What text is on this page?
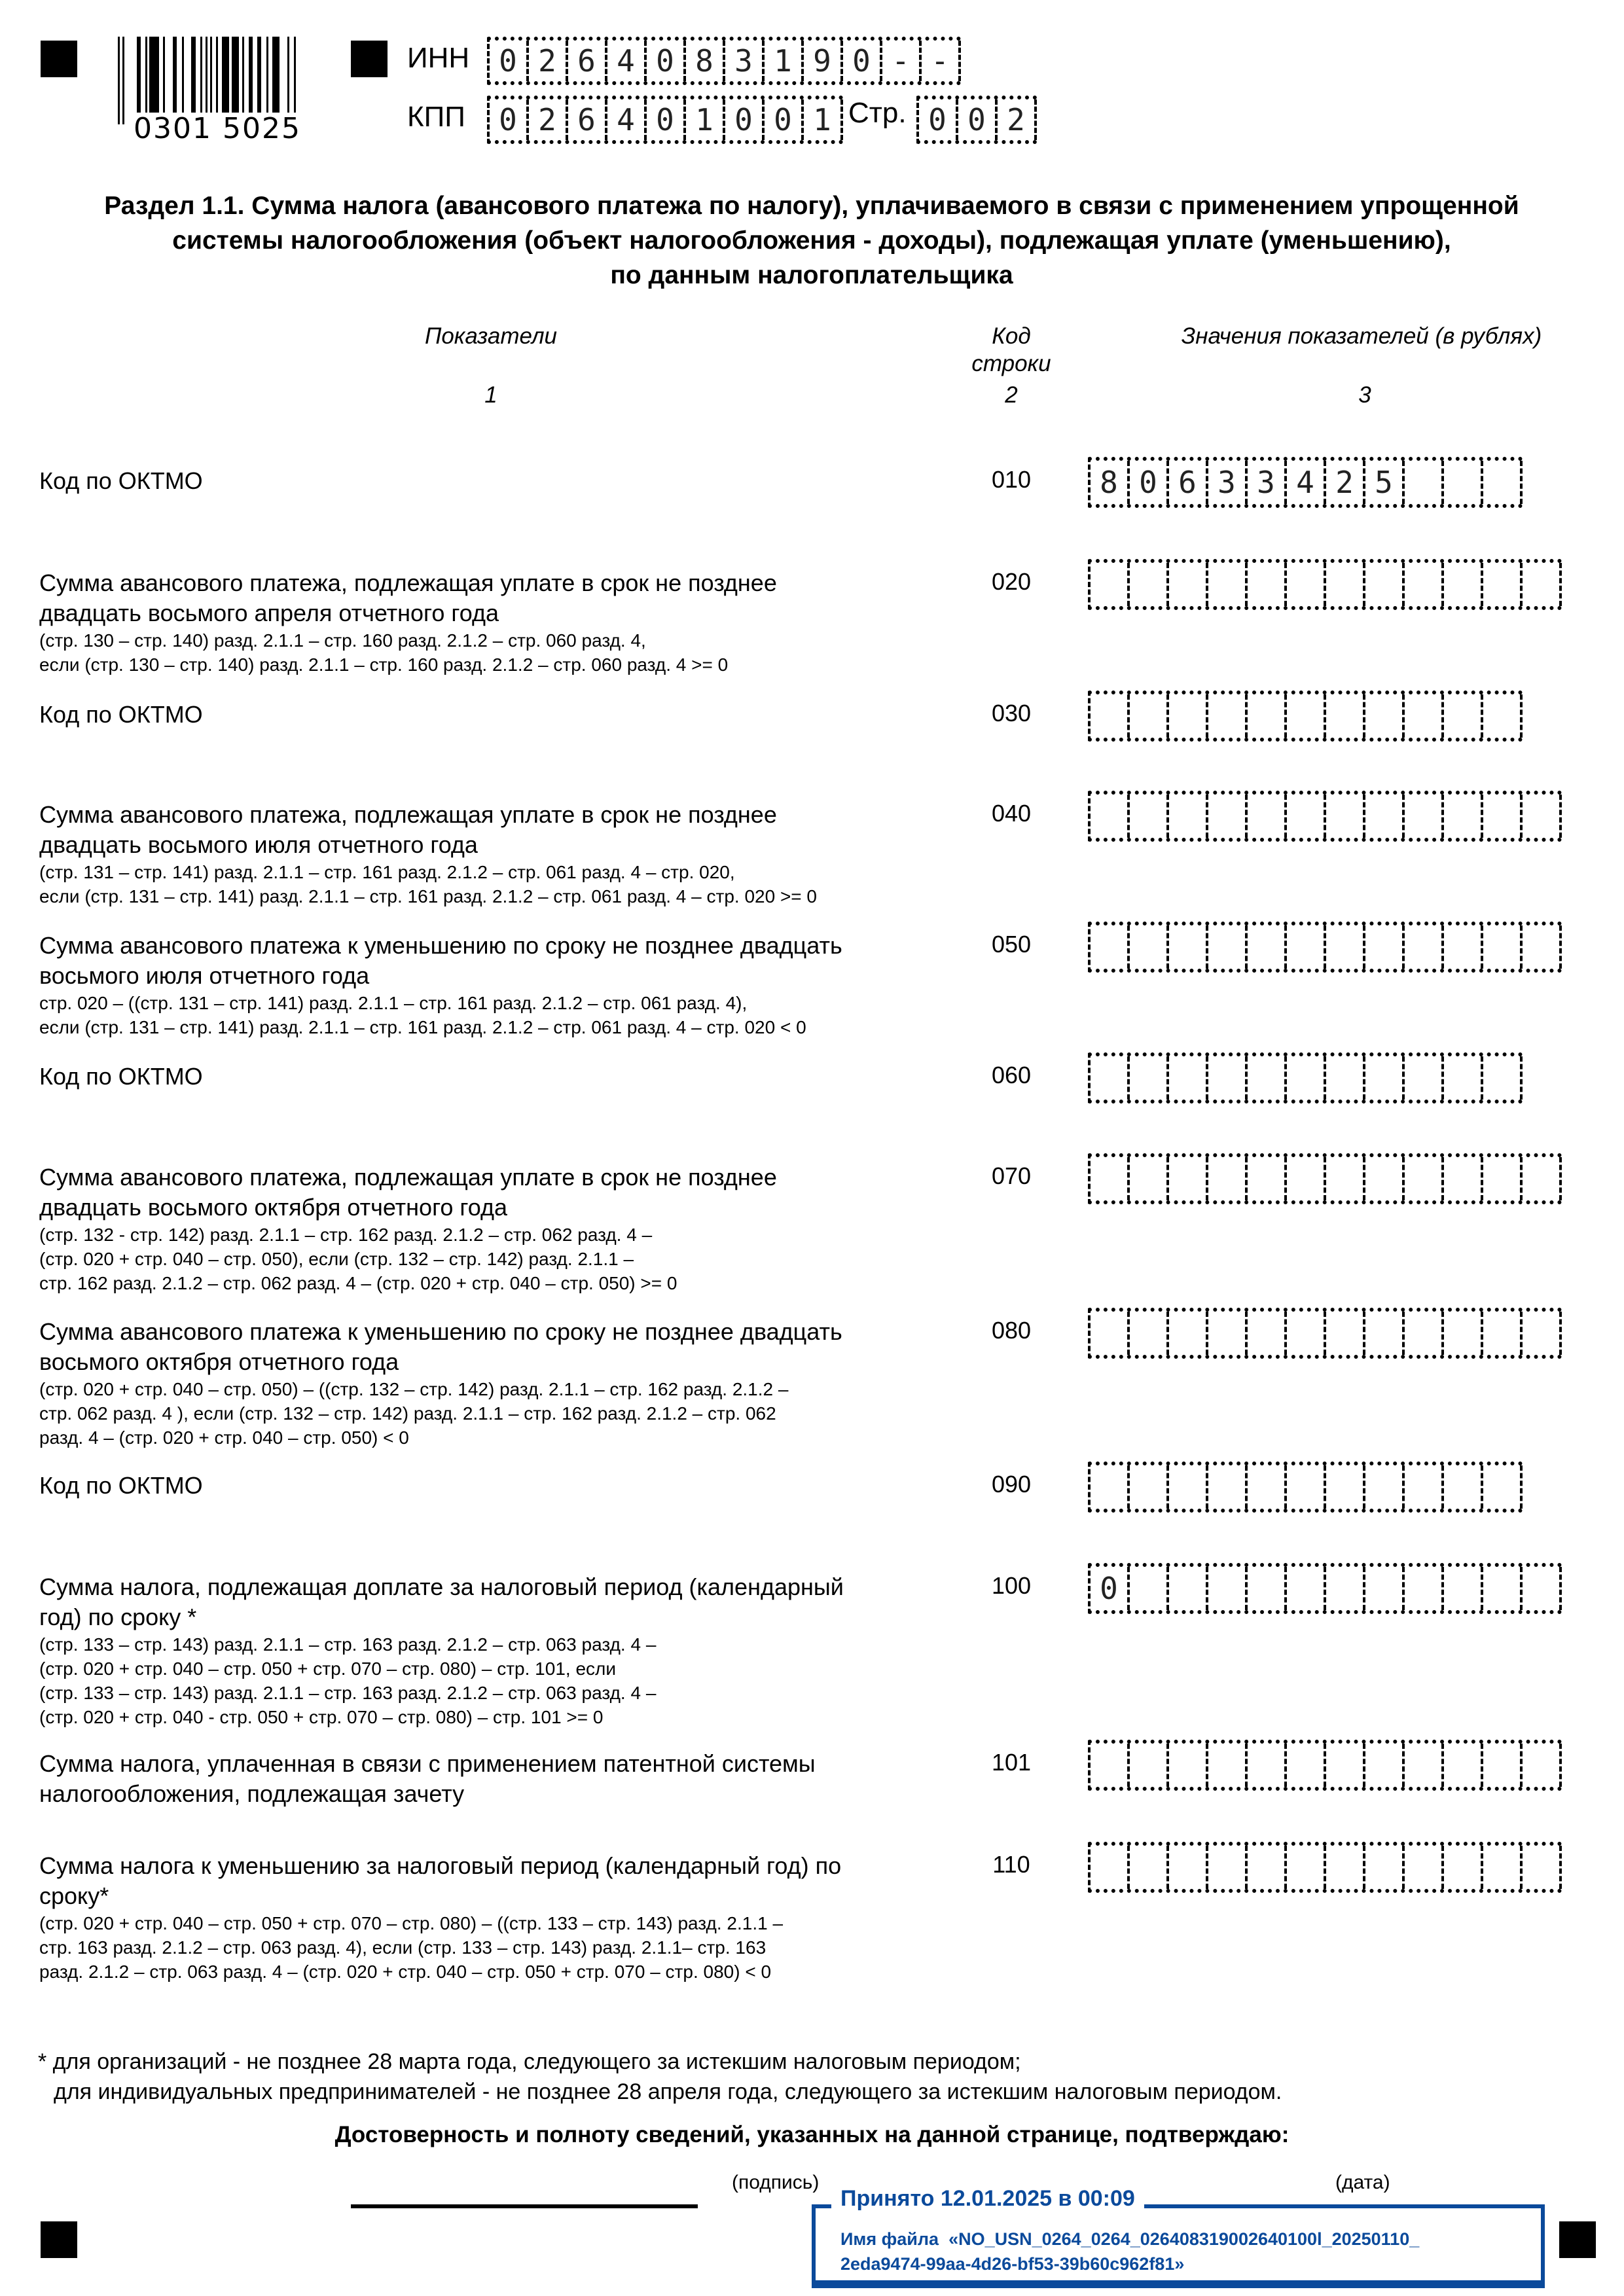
0301 5025
ИНН 0 2 6 4 0 8 3 1 9 0 - -
КПП	0 2 6 4 0 1 0 0 1 Стр. 0 0 2
Раздел 1.1. Сумма налога (авансового платежа по налогу), уплачиваемого в связи с применением упрощенной
системы налогообложения (объект налогообложения - доходы), подлежащая уплате (уменьшению),
по данным налогоплательщика
Показатели	Код
строки
Значения показателей (в рублях)
1	2	3
Код по ОКТМО	010	8 0 6 3 3 4 2 5
Сумма авансового платежа, подлежащая уплате в срок не позднее двадцать восьмого апреля отчетного года
(стр. 130 – стр. 140) разд. 2.1.1 – стр. 160 разд. 2.1.2 – стр. 060 разд. 4,
если (стр. 130 – стр. 140) разд. 2.1.1 – стр. 160 разд. 2.1.2 – стр. 060 разд. 4 >= 0
020
Код по ОКТМО	030
Сумма авансового платежа, подлежащая уплате в срок не позднее двадцать восьмого июля отчетного года
(стр. 131 – стр. 141) разд. 2.1.1 – стр. 161 разд. 2.1.2 – стр. 061 разд. 4 – стр. 020,
если (стр. 131 – стр. 141) разд. 2.1.1 – стр. 161 разд. 2.1.2 – стр. 061 разд. 4 – стр. 020 >= 0
040
Сумма авансового платежа к уменьшению по сроку не позднее двадцать восьмого июля отчетного года
стр. 020 – ((стр. 131 – стр. 141) разд. 2.1.1 – стр. 161 разд. 2.1.2 – стр. 061 разд. 4),
если (стр. 131 – стр. 141) разд. 2.1.1 – стр. 161 разд. 2.1.2 – стр. 061 разд. 4 – стр. 020 < 0
050
Код по ОКТМО	060
Сумма авансового платежа, подлежащая уплате в срок не позднее двадцать восьмого октября отчетного года
(стр. 132 - стр. 142) разд. 2.1.1 – стр. 162 разд. 2.1.2 – стр. 062 разд. 4 –
(стр. 020 + стр. 040 – стр. 050), если (стр. 132 – стр. 142) разд. 2.1.1 –
стр. 162 разд. 2.1.2 – стр. 062 разд. 4 – (стр. 020 + стр. 040 – стр. 050) >= 0
070
Сумма авансового платежа к уменьшению по сроку не позднее двадцать восьмого октября отчетного года
(стр. 020 + стр. 040 – стр. 050) – ((стр. 132 – стр. 142) разд. 2.1.1 – стр. 162 разд. 2.1.2 –
стр. 062 разд. 4 ), если (стр. 132 – стр. 142) разд. 2.1.1 – стр. 162 разд. 2.1.2 – стр. 062
разд. 4 – (стр. 020 + стр. 040 – стр. 050) < 0
080
Код по ОКТМО	090
Сумма налога, подлежащая доплате за налоговый период (календарный год) по сроку *
(стр. 133 – стр. 143) разд. 2.1.1 – стр. 163 разд. 2.1.2 – стр. 063 разд. 4 –
(стр. 020 + стр. 040 – стр. 050 + стр. 070 – стр. 080) – стр. 101, если
(стр. 133 – стр. 143) разд. 2.1.1 – стр. 163 разд. 2.1.2 – стр. 063 разд. 4 –
(стр. 020 + стр. 040 - стр. 050 + стр. 070 – стр. 080) – стр. 101 >= 0
100	0
Сумма налога, уплаченная в связи с применением патентной системы налогообложения, подлежащая зачету
101
Сумма налога к уменьшению за налоговый период (календарный год) по сроку*
(стр. 020 + стр. 040 – стр. 050 + стр. 070 – стр. 080) – ((стр. 133 – стр. 143) разд. 2.1.1 –
стр. 163 разд. 2.1.2 – стр. 063 разд. 4), если (стр. 133 – стр. 143) разд. 2.1.1– стр. 163
разд. 2.1.2 – стр. 063 разд. 4 – (стр. 020 + стр. 040 – стр. 050 + стр. 070 – стр. 080) < 0
110
* для организаций - не позднее 28 марта года, следующего за истекшим налоговым периодом;
для индивидуальных предпринимателей - не позднее 28 апреля года, следующего за истекшим налоговым периодом.
Достоверность и полноту сведений, указанных на данной странице, подтверждаю:
(подпись)	(дата)
Принято 12.01.2025 в 00:09
Имя файла «NO_USN_0264_0264_026408319002640100l_20250110_
2eda9474-99aa-4d26-bf53-39b60c962f81»
